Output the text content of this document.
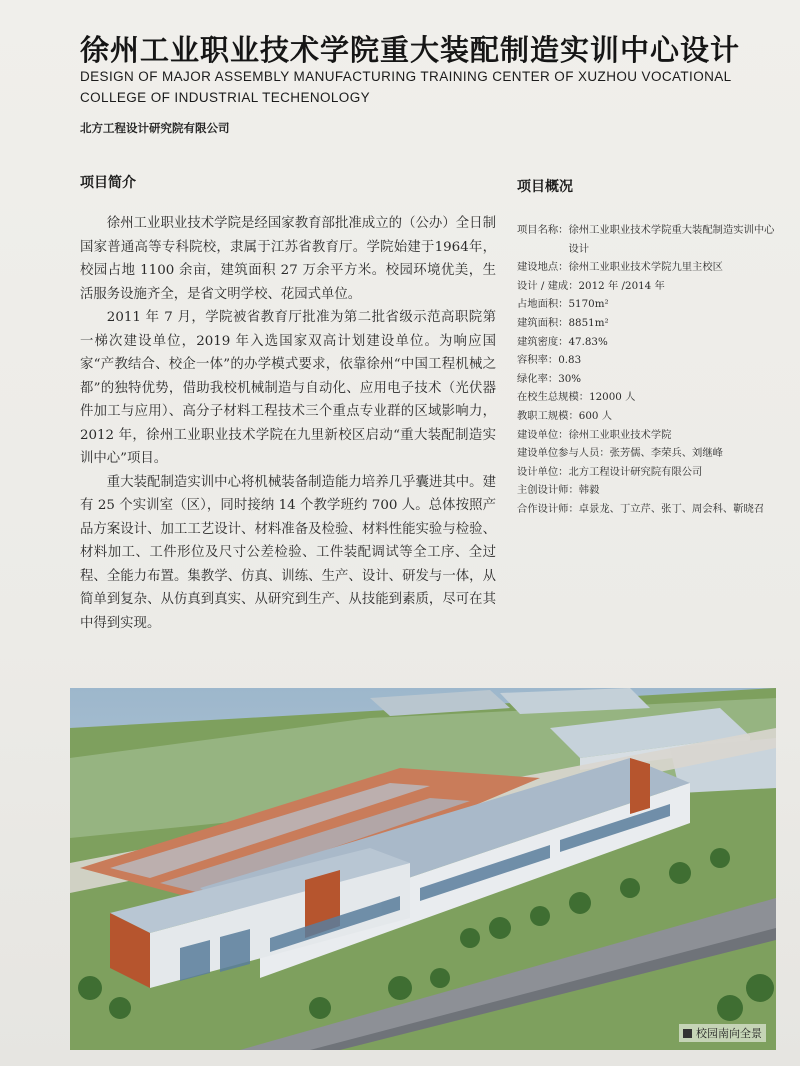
徐州工业职业技术学院重大装配制造实训中心设计
DESIGN OF MAJOR ASSEMBLY MANUFACTURING TRAINING CENTER OF XUZHOU VOCATIONAL COLLEGE OF INDUSTRIAL TECHENOLOGY
北方工程设计研究院有限公司
项目简介	项目概况

徐州工业职业技术学院是经国家教育部批准成立的（公办）全日制国家普通高等专科院校，隶属于江苏省教育厅。学院始建于1964年，校园占地 1100 余亩，建筑面积 27 万余平方米。校园环境优美，生活服务设施齐全，是省文明学校、花园式单位。

2011 年 7 月，学院被省教育厅批准为第二批省级示范高职院第一梯次建设单位，2019 年入选国家双高计划建设单位。为响应国家“产教结合、校企一体”的办学模式要求，依靠徐州“中国工程机械之都”的独特优势，借助我校机械制造与自动化、应用电子技术（光伏器件加工与应用）、高分子材料工程技术三个重点专业群的区域影响力，2012 年，徐州工业职业技术学院在九里新校区启动“重大装配制造实训中心”项目。

重大装配制造实训中心将机械装备制造能力培养几乎囊进其中。建有 25 个实训室（区），同时接纳 14 个教学班约 700 人。总体按照产品方案设计、加工工艺设计、材料准备及检验、材料性能实验与检验、材料加工、工件形位及尺寸公差检验、工件装配调试等全工序、全过程、全能力布置。集教学、仿真、训练、生产、设计、研发与一体，从简单到复杂、从仿真到真实、从研究到生产、从技能到素质，尽可在其中得到实现。

项目名称： 徐州工业职业技术学院重大装配制造实训中心设计
建设地点： 徐州工业职业技术学院九里主校区
设计 / 建成： 2012 年 /2014 年
占地面积： 5170m²
建筑面积： 8851m²
建筑密度： 47.83%
容积率： 0.83
绿化率： 30%
在校生总规模： 12000 人
教职工规模： 600 人
建设单位： 徐州工业职业技术学院
建设单位参与人员： 张芳儒、李荣兵、刘继峰
设计单位： 北方工程设计研究院有限公司
主创设计师： 韩毅
合作设计师： 卓景龙、丁立芹、张丁、周会科、靳晓召
校园南向全景
